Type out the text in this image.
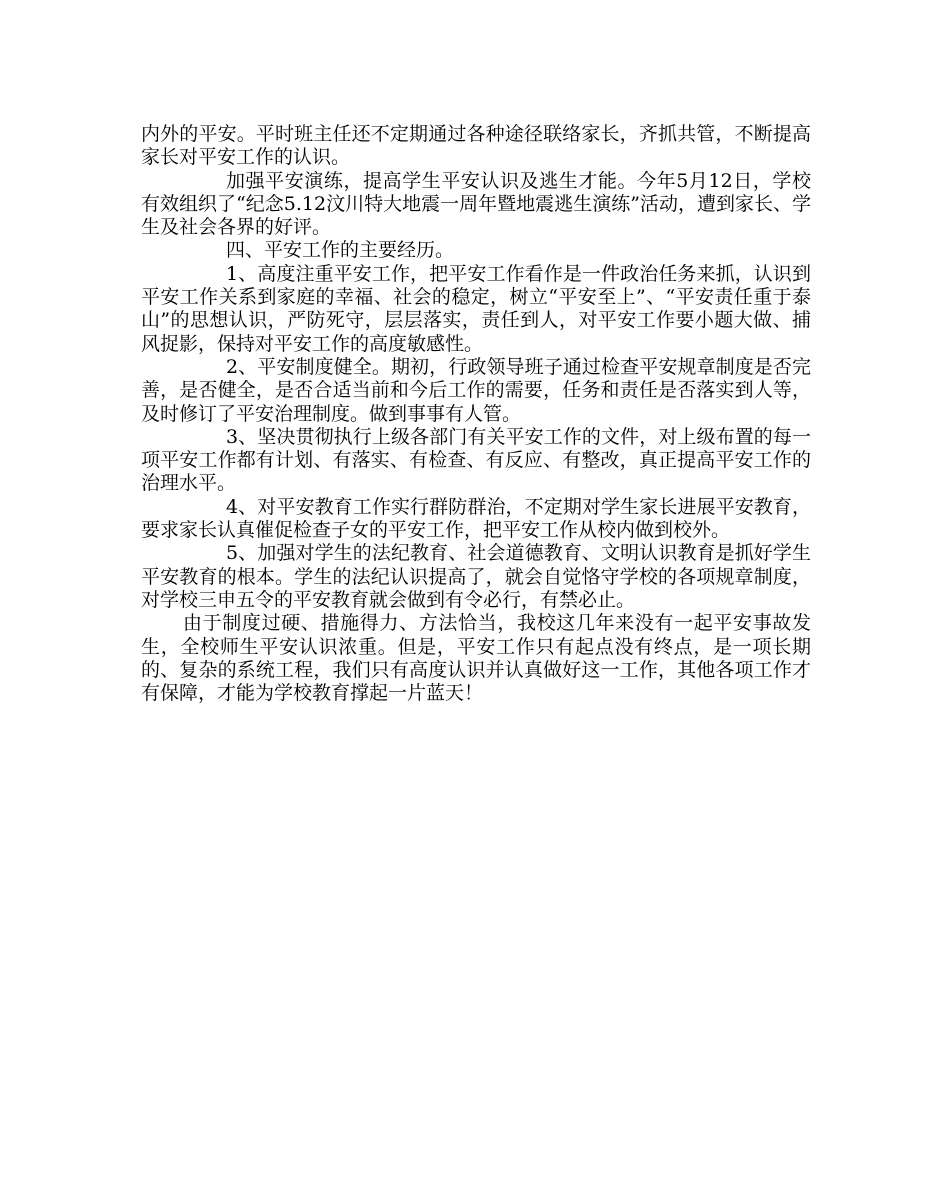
内外的平安。平时班主任还不定期通过各种途径联络家长，齐抓共管，不断提高家长对平安工作的认识。

加强平安演练，提高学生平安认识及逃生才能。今年5月12日，学校有效组织了“纪念5.12汶川特大地震一周年暨地震逃生演练”活动，遭到家长、学生及社会各界的好评。

四、平安工作的主要经历。

1、高度注重平安工作，把平安工作看作是一件政治任务来抓，认识到平安工作关系到家庭的幸福、社会的稳定，树立“平安至上”、“平安责任重于泰山”的思想认识，严防死守，层层落实，责任到人，对平安工作要小题大做、捕风捉影，保持对平安工作的高度敏感性。

2、平安制度健全。期初，行政领导班子通过检查平安规章制度是否完善，是否健全，是否合适当前和今后工作的需要，任务和责任是否落实到人等，及时修订了平安治理制度。做到事事有人管。

3、坚决贯彻执行上级各部门有关平安工作的文件，对上级布置的每一项平安工作都有计划、有落实、有检查、有反应、有整改，真正提高平安工作的治理水平。

4、对平安教育工作实行群防群治，不定期对学生家长进展平安教育，要求家长认真催促检查子女的平安工作，把平安工作从校内做到校外。

5、加强对学生的法纪教育、社会道德教育、文明认识教育是抓好学生平安教育的根本。学生的法纪认识提高了，就会自觉恪守学校的各项规章制度，对学校三申五令的平安教育就会做到有令必行，有禁必止。

由于制度过硬、措施得力、方法恰当，我校这几年来没有一起平安事故发生，全校师生平安认识浓重。但是，平安工作只有起点没有终点，是一项长期的、复杂的系统工程，我们只有高度认识并认真做好这一工作，其他各项工作才有保障，才能为学校教育撑起一片蓝天！
